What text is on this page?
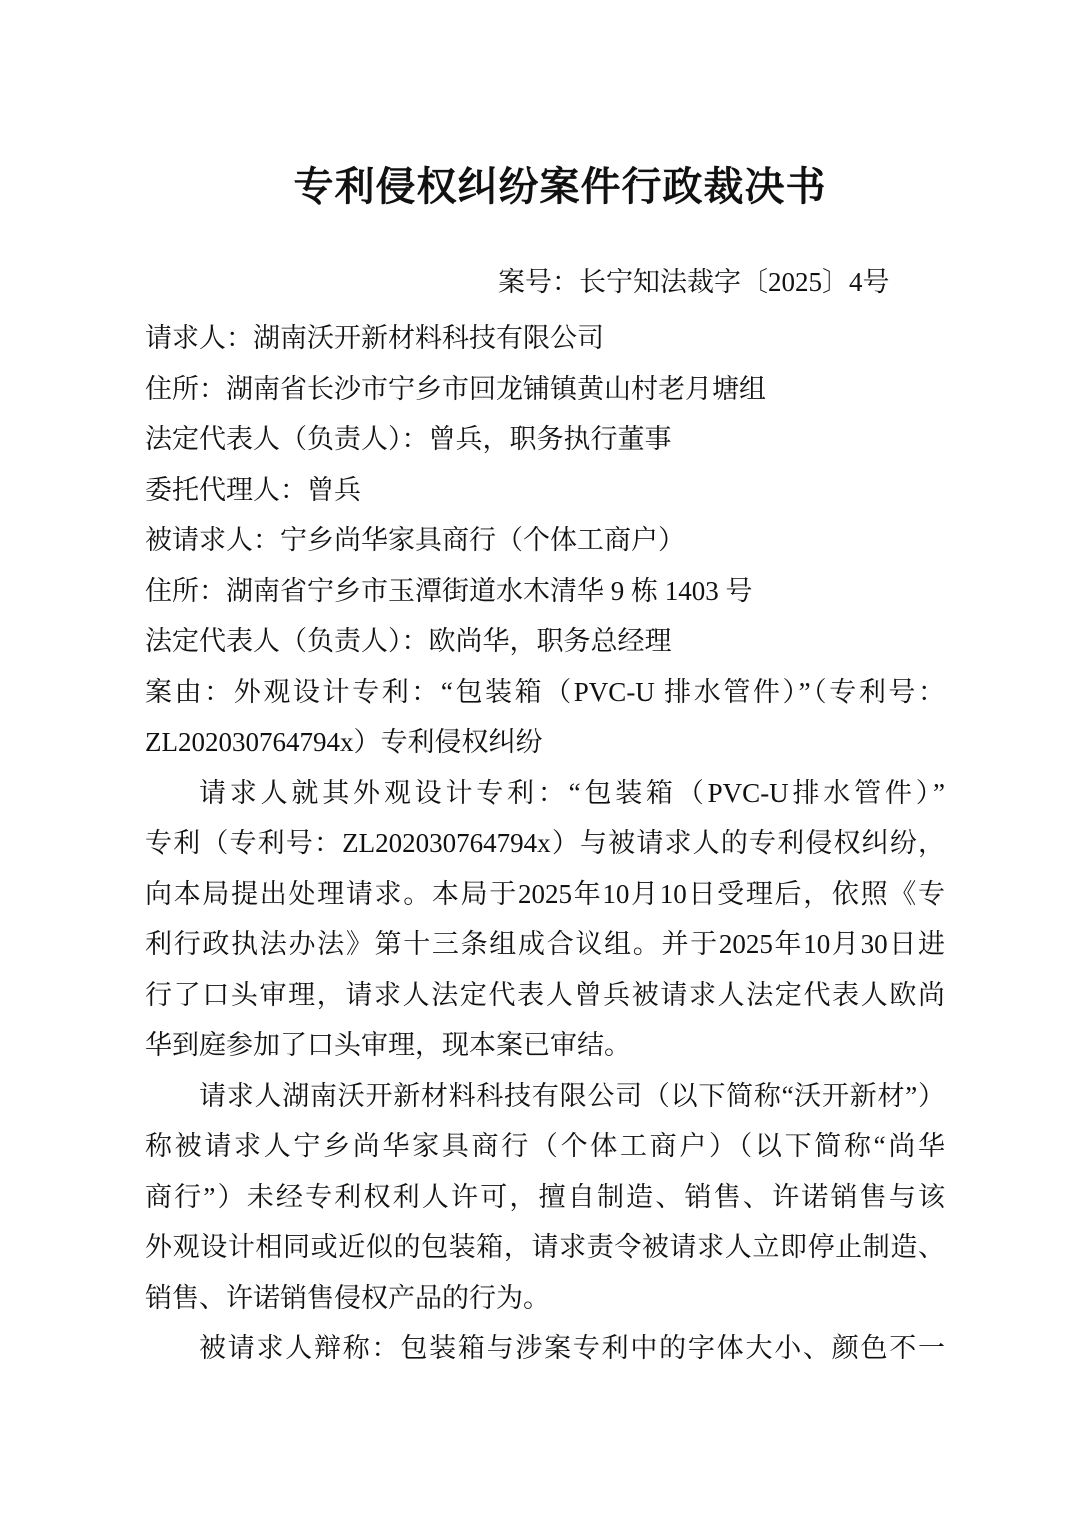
专利侵权纠纷案件行政裁决书
案号：长宁知法裁字〔2025〕4号
请求人：湖南沃开新材料科技有限公司
住所：湖南省长沙市宁乡市回龙铺镇黄山村老月塘组
法定代表人（负责人）：曾兵，职务执行董事
委托代理人：曾兵
被请求人：宁乡尚华家具商行（个体工商户）
住所：湖南省宁乡市玉潭街道水木清华 9 栋 1403 号
法定代表人（负责人）：欧尚华，职务总经理
案由：外观设计专利：“包装箱（PVC-U 排水管件）”（专利号：
ZL202030764794x）专利侵权纠纷
请求人就其外观设计专利：“包装箱（PVC-U排水管件）”
专利（专利号：ZL202030764794x）与被请求人的专利侵权纠纷，
向本局提出处理请求。本局于2025年10月10日受理后，依照《专
利行政执法办法》第十三条组成合议组。并于2025年10月30日进
行了口头审理，请求人法定代表人曾兵被请求人法定代表人欧尚
华到庭参加了口头审理，现本案已审结。
请求人湖南沃开新材料科技有限公司（以下简称“沃开新材”）
称被请求人宁乡尚华家具商行（个体工商户）（以下简称“尚华
商行”）未经专利权利人许可，擅自制造、销售、许诺销售与该
外观设计相同或近似的包装箱，请求责令被请求人立即停止制造、
销售、许诺销售侵权产品的行为。
被请求人辩称：包装箱与涉案专利中的字体大小、颜色不一
